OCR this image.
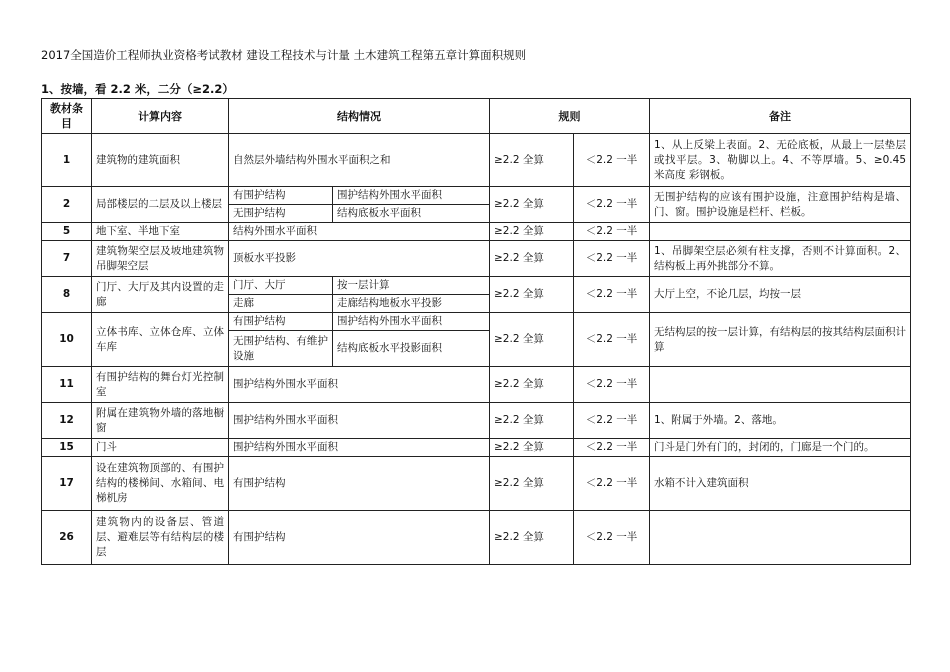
2017全国造价工程师执业资格考试教材 建设工程技术与计量 土木建筑工程第五章计算面积规则
1、按墙，看 2.2 米，二分（≥2.2）
教材条目	计算内容	结构情况		规则		备注
1	建筑物的建筑面积	自然层外墙结构外围水平面积之和		≥2.2 全算	＜2.2 一半	1、从上反梁上表面。2、无砼底板，从最上一层垫层或找平层。3、勒脚以上。4、不等厚墙。5、≥0.45 米高度 彩钢板。
2	局部楼层的二层及以上楼层	有围护结构	围护结构外围水平面积	≥2.2 全算	＜2.2 一半	无围护结构的应该有围护设施，注意围护结构是墙、门、窗。围护设施是栏杆、栏板。
		无围护结构	结构底板水平面积			
5	地下室、半地下室	结构外围水平面积		≥2.2 全算	＜2.2 一半	
7	建筑物架空层及坡地建筑物吊脚架空层	顶板水平投影		≥2.2 全算	＜2.2 一半	1、吊脚架空层必须有柱支撑，否则不计算面积。2、结构板上再外挑部分不算。
8	门厅、大厅及其内设置的走廊	门厅、大厅	按一层计算	≥2.2 全算	＜2.2 一半	大厅上空，不论几层，均按一层
		走廊	走廊结构地板水平投影			
10	立体书库、立体仓库、立体车库	有围护结构	围护结构外围水平面积	≥2.2 全算	＜2.2 一半	无结构层的按一层计算，有结构层的按其结构层面积计算
		无围护结构、有维护设施	结构底板水平投影面积			
11	有围护结构的舞台灯光控制室	围护结构外围水平面积		≥2.2 全算	＜2.2 一半	
12	附属在建筑物外墙的落地橱窗	围护结构外围水平面积		≥2.2 全算	＜2.2 一半	1、附属于外墙。2、落地。
15	门斗	围护结构外围水平面积		≥2.2 全算	＜2.2 一半	门斗是门外有门的，封闭的，门廊是一个门的。
17	设在建筑物顶部的、有围护结构的楼梯间、水箱间、电梯机房	有围护结构		≥2.2 全算	＜2.2 一半	水箱不计入建筑面积
26	建筑物内的设备层、管道层、避难层等有结构层的楼层	有围护结构		≥2.2 全算	＜2.2 一半	
